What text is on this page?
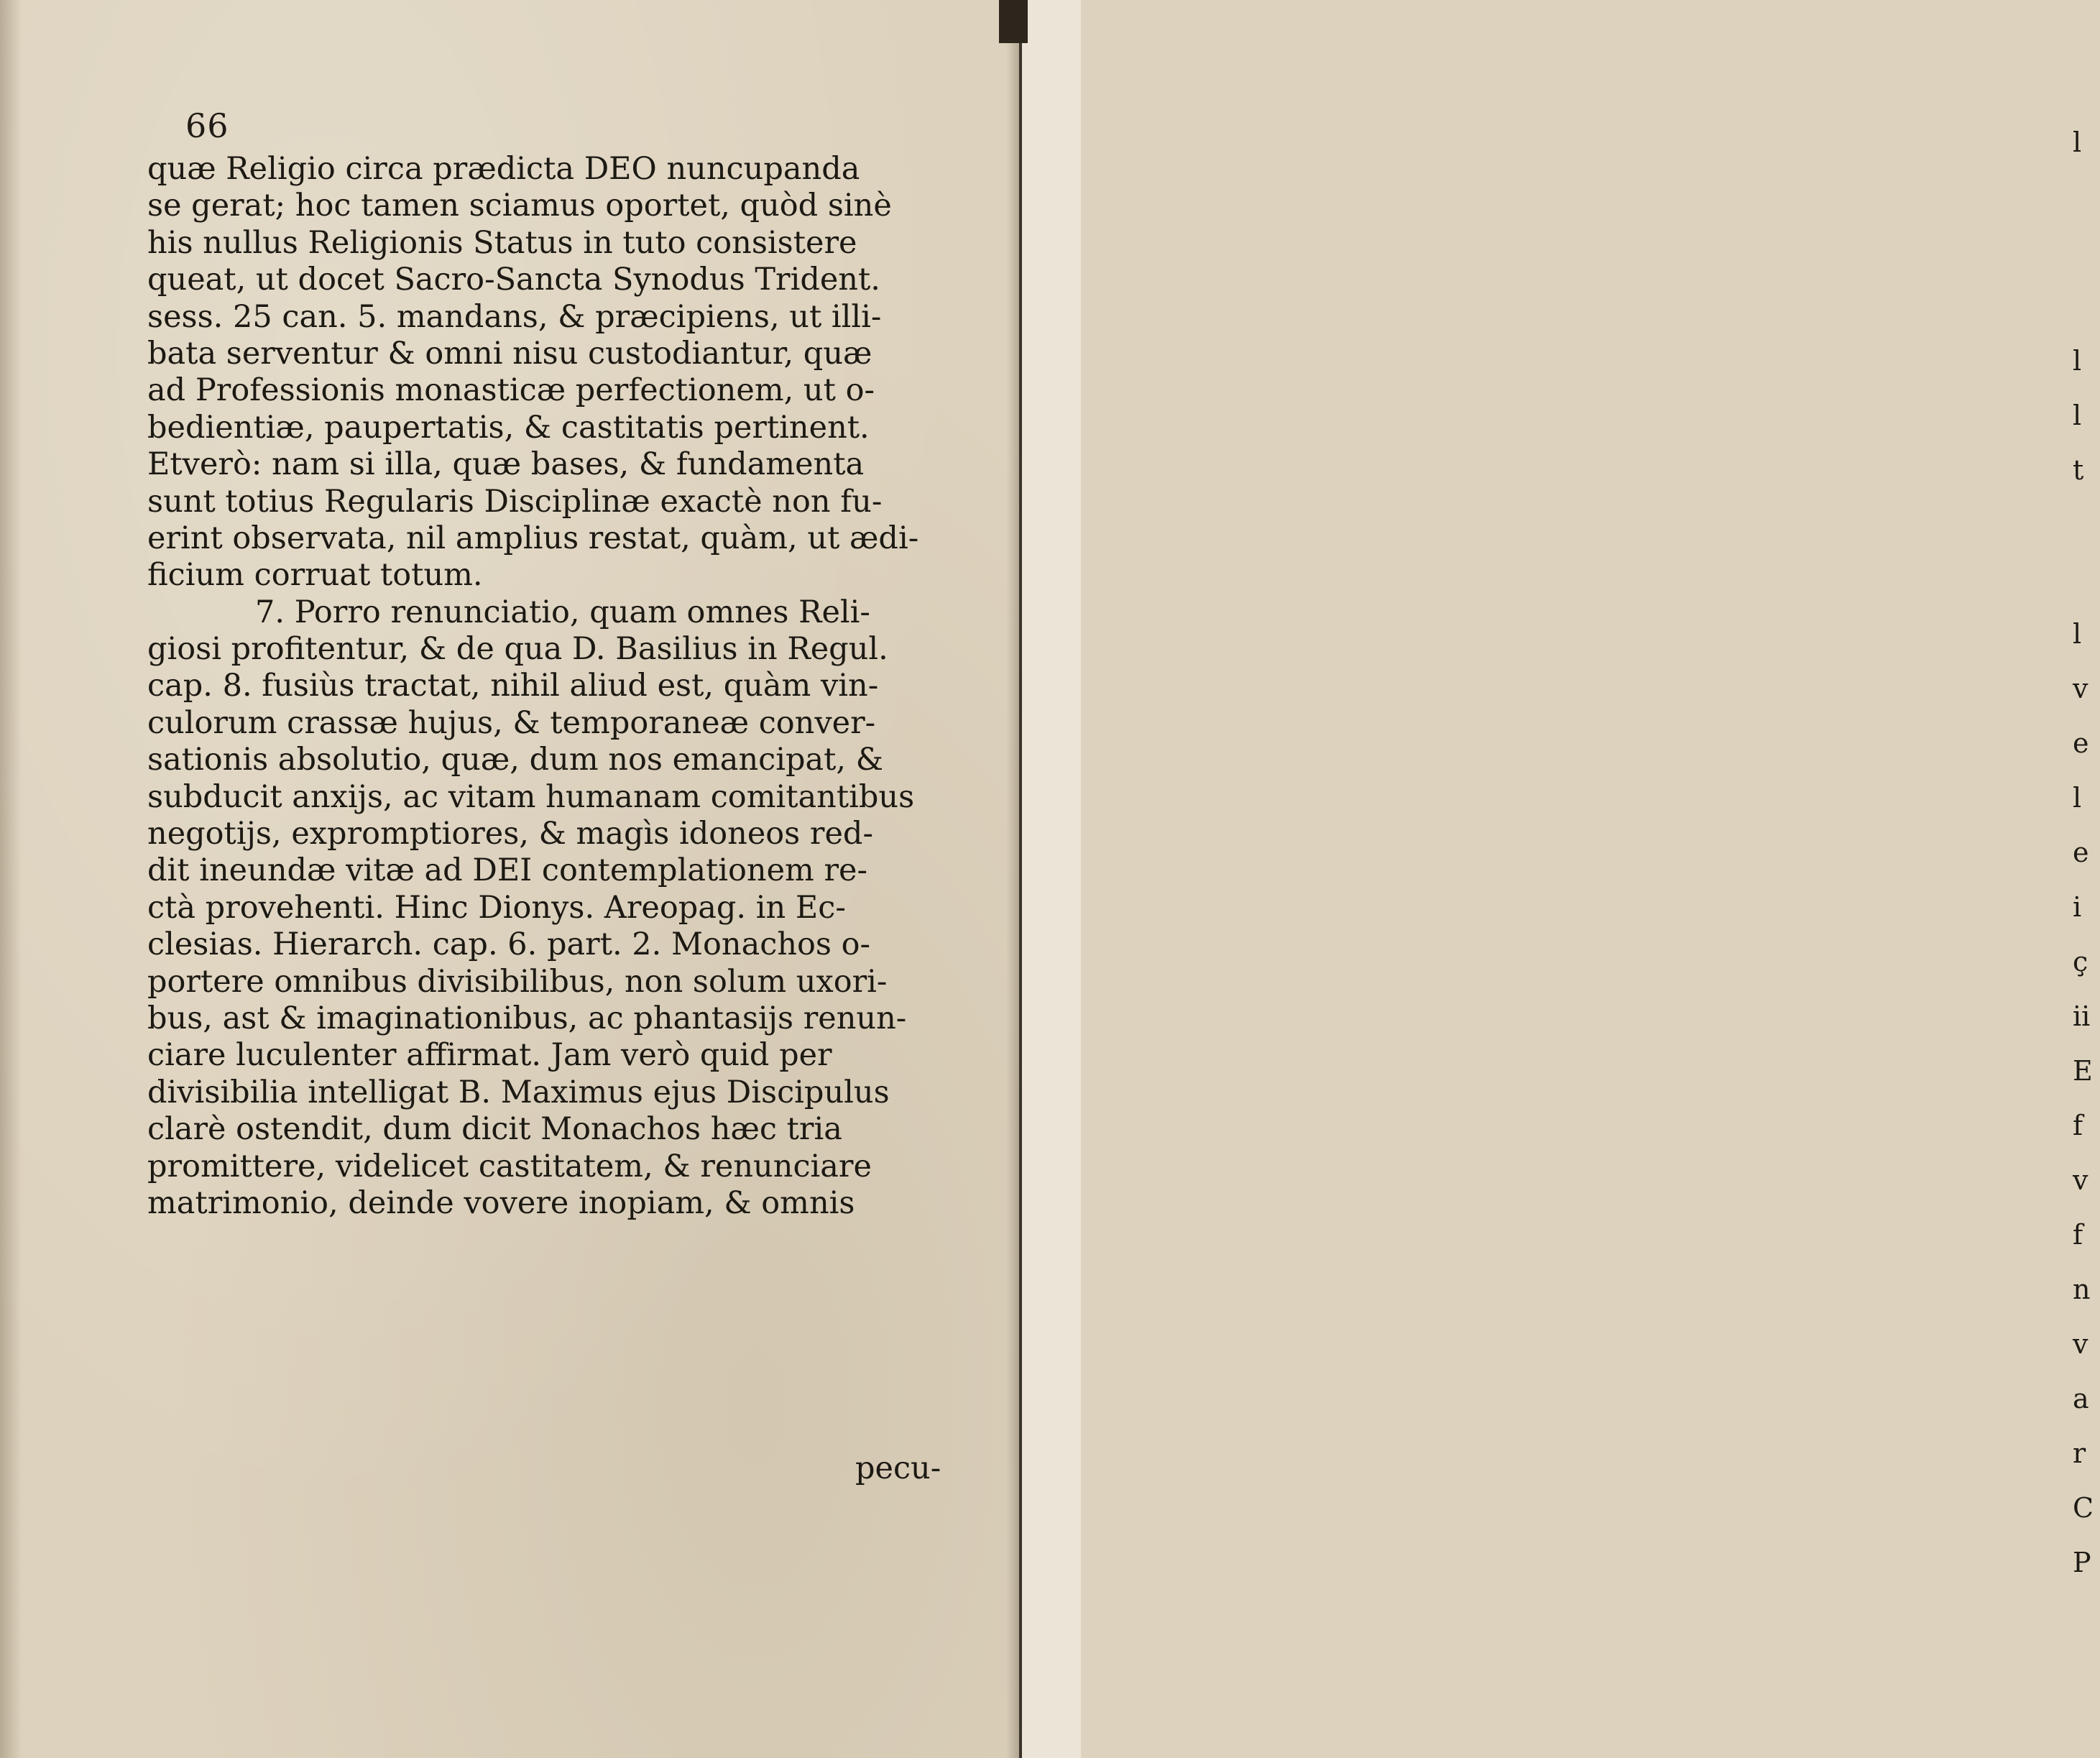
l

l
l
t

l
v
e
l
e
i
ç
ii
E
f
v
f
n
v
a
r
C
P
66
quæ Religio circa prædicta DEO nuncupanda
se gerat; hoc tamen sciamus oportet, quòd sinè
his nullus Religionis Status in tuto consistere
queat, ut docet Sacro-Sancta Synodus Trident.
sess. 25 can. 5. mandans, & præcipiens, ut illi-
bata serventur & omni nisu custodiantur, quæ
ad Professionis monasticæ perfectionem, ut o-
bedientiæ, paupertatis, & castitatis pertinent.
Etverò: nam si illa, quæ bases, & fundamenta
sunt totius Regularis Disciplinæ exactè non fu-
erint observata, nil amplius restat, quàm, ut ædi-
ficium corruat totum.
7. Porro renunciatio, quam omnes Reli-
giosi profitentur, & de qua D. Basilius in Regul.
cap. 8. fusiùs tractat, nihil aliud est, quàm vin-
culorum crassæ hujus, & temporaneæ conver-
sationis absolutio, quæ, dum nos emancipat, &
subducit anxijs, ac vitam humanam comitantibus
negotijs, expromptiores, & magìs idoneos red-
dit ineundæ vitæ ad DEI contemplationem re-
ctà provehenti. Hinc Dionys. Areopag. in Ec-
clesias. Hierarch. cap. 6. part. 2. Monachos o-
portere omnibus divisibilibus, non solum uxori-
bus, ast & imaginationibus, ac phantasijs renun-
ciare luculenter affirmat. Jam verò quid per
divisibilia intelligat B. Maximus ejus Discipulus
clarè ostendit, dum dicit Monachos hæc tria
promittere, videlicet castitatem, & renunciare
matrimonio, deinde vovere inopiam, & omnis
pecu-
